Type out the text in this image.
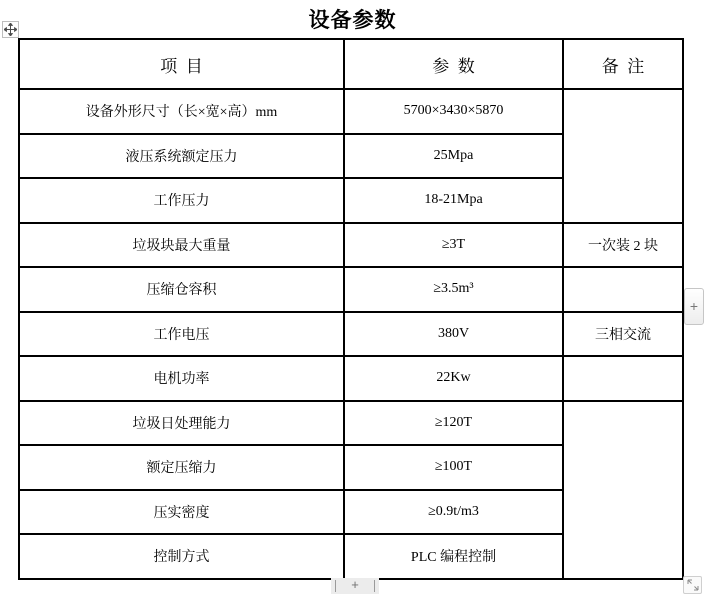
设备参数
项  目	参  数	备  注
设备外形尺寸（长×宽×高）mm	5700×3430×5870	
液压系统额定压力	25Mpa	
工作压力	18-21Mpa	
垃圾块最大重量	≥3T	一次装 2 块
压缩仓容积	≥3.5m³	
工作电压	380V	三相交流
电机功率	22Kw	
垃圾日处理能力	≥120T	
额定压缩力	≥100T	
压实密度	≥0.9t/m3	
控制方式	PLC 编程控制	
+
+
